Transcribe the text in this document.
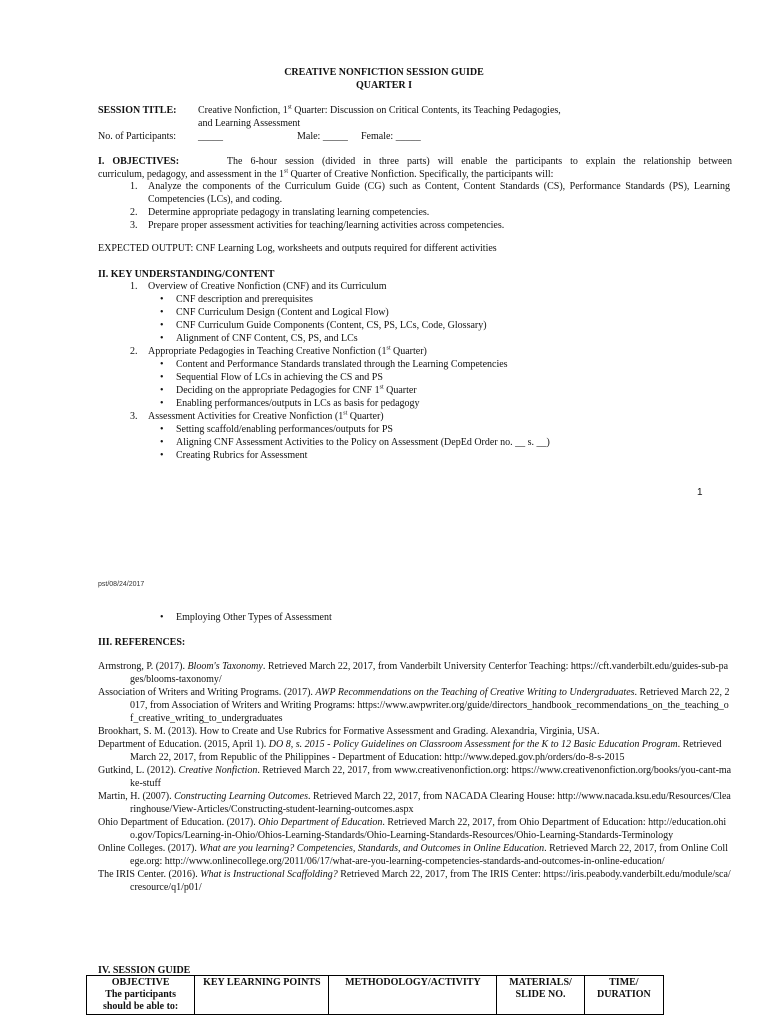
CREATIVE NONFICTION SESSION GUIDE
QUARTER I
SESSION TITLE: Creative Nonfiction, 1st Quarter: Discussion on Critical Contents, its Teaching Pedagogies,
and Learning Assessment
No. of Participants: _____	Male: _____ Female: _____
I. OBJECTIVES:	The 6-hour session (divided in three parts) will enable the participants to explain the relationship between
curriculum, pedagogy, and assessment in the 1st Quarter of Creative Nonfiction. Specifically, the participants will:
1. Analyze the components of the Curriculum Guide (CG) such as Content, Content Standards (CS), Performance Standards (PS), Learning Competencies (LCs), and coding.
2. Determine appropriate pedagogy in translating learning competencies.
3. Prepare proper assessment activities for teaching/learning activities across competencies.
EXPECTED OUTPUT: CNF Learning Log, worksheets and outputs required for different activities
II. KEY UNDERSTANDING/CONTENT
1. Overview of Creative Nonfiction (CNF) and its Curriculum
• CNF description and prerequisites
• CNF Curriculum Design (Content and Logical Flow)
• CNF Curriculum Guide Components (Content, CS, PS, LCs, Code, Glossary)
• Alignment of CNF Content, CS, PS, and LCs
2. Appropriate Pedagogies in Teaching Creative Nonfiction (1st Quarter)
• Content and Performance Standards translated through the Learning Competencies
• Sequential Flow of LCs in achieving the CS and PS
• Deciding on the appropriate Pedagogies for CNF 1st Quarter
• Enabling performances/outputs in LCs as basis for pedagogy
3. Assessment Activities for Creative Nonfiction (1st Quarter)
• Setting scaffold/enabling performances/outputs for PS
• Aligning CNF Assessment Activities to the Policy on Assessment (DepEd Order no. __ s. __)
• Creating Rubrics for Assessment
1
pst/08/24/2017
• Employing Other Types of Assessment
III. REFERENCES:
Armstrong, P. (2017). Bloom's Taxonomy. Retrieved March 22, 2017, from Vanderbilt University Centerfor Teaching: https://cft.vanderbilt.edu/guides-sub-pages/blooms-taxonomy/
Association of Writers and Writing Programs. (2017). AWP Recommendations on the Teaching of Creative Writing to Undergraduates. Retrieved March 22, 2017, from Association of Writers and Writing Programs: https://www.awpwriter.org/guide/directors_handbook_recommendations_on_the_teaching_of_creative_writing_to_undergraduates
Brookhart, S. M. (2013). How to Create and Use Rubrics for Formative Assessment and Grading. Alexandria, Virginia, USA.
Department of Education. (2015, April 1). DO 8, s. 2015 - Policy Guidelines on Classroom Assessment for the K to 12 Basic Education Program. Retrieved March 22, 2017, from Republic of the Philippines - Department of Education: http://www.deped.gov.ph/orders/do-8-s-2015
Gutkind, L. (2012). Creative Nonfiction. Retrieved March 22, 2017, from www.creativenonfiction.org: https://www.creativenonfiction.org/books/you-cant-make-stuff
Martin, H. (2007). Constructing Learning Outcomes. Retrieved March 22, 2017, from NACADA Clearing House: http://www.nacada.ksu.edu/Resources/Clearinghouse/View-Articles/Constructing-student-learning-outcomes.aspx
Ohio Department of Education. (2017). Ohio Department of Education. Retrieved March 22, 2017, from Ohio Department of Education: http://education.ohio.gov/Topics/Learning-in-Ohio/Ohios-Learning-Standards/Ohio-Learning-Standards-Resources/Ohio-Learning-Standards-Terminology
Online Colleges. (2017). What are you learning? Competencies, Standards, and Outcomes in Online Education. Retrieved March 22, 2017, from Online College.org: http://www.onlinecollege.org/2011/06/17/what-are-you-learning-competencies-standards-and-outcomes-in-online-education/
The IRIS Center. (2016). What is Instructional Scaffolding? Retrieved March 22, 2017, from The IRIS Center: https://iris.peabody.vanderbilt.edu/module/sca/cresource/q1/p01/
IV. SESSION GUIDE
OBJECTIVE
The participants should be able to:	KEY LEARNING POINTS	METHODOLOGY/ACTIVITY	MATERIALS/ SLIDE NO.	TIME/ DURATION
